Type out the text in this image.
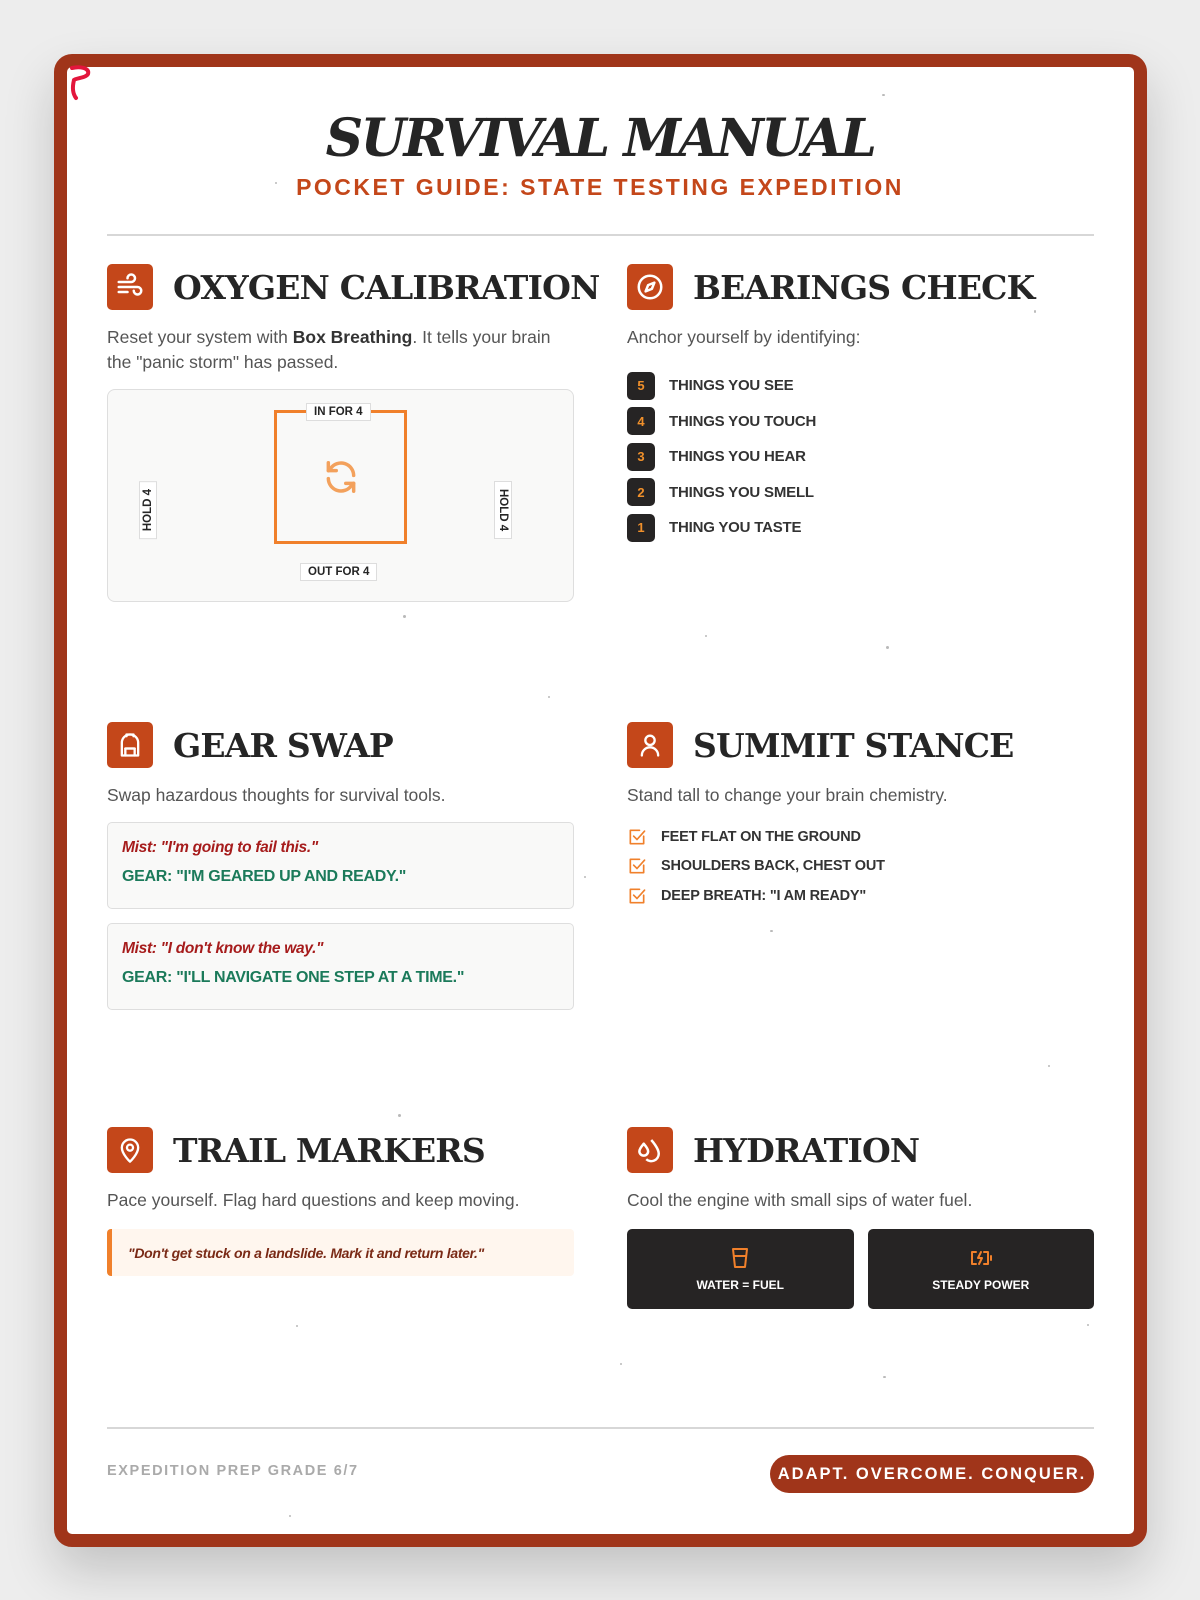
SURVIVAL MANUAL
POCKET GUIDE: STATE TESTING EXPEDITION
OXYGEN CALIBRATION
Reset your system with Box Breathing. It tells your brain the "panic storm" has passed.
IN FOR 4
OUT FOR 4
HOLD 4	HOLD 4
BEARINGS CHECK
Anchor yourself by identifying:
5	THINGS YOU SEE
4	THINGS YOU TOUCH
3	THINGS YOU HEAR
2	THINGS YOU SMELL
1	THING YOU TASTE
GEAR SWAP
Swap hazardous thoughts for survival tools.
Mist: "I'm going to fail this."
GEAR: "I'M GEARED UP AND READY."
Mist: "I don't know the way."
GEAR: "I'LL NAVIGATE ONE STEP AT A TIME."
SUMMIT STANCE
Stand tall to change your brain chemistry.
FEET FLAT ON THE GROUND
SHOULDERS BACK, CHEST OUT
DEEP BREATH: "I AM READY"
TRAIL MARKERS
Pace yourself. Flag hard questions and keep moving.
"Don't get stuck on a landslide. Mark it and return later."
HYDRATION
Cool the engine with small sips of water fuel.
WATER = FUEL	STEADY POWER
EXPEDITION PREP GRADE 6/7	ADAPT. OVERCOME. CONQUER.
